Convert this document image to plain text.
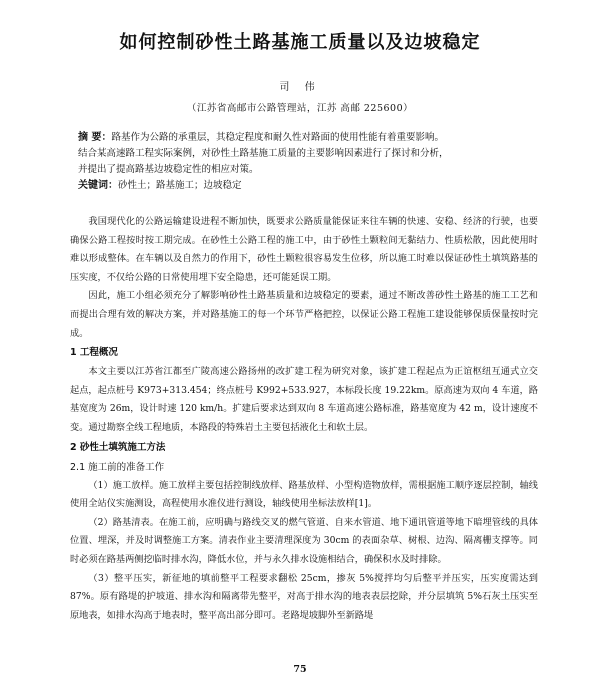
如何控制砂性土路基施工质量以及边坡稳定
司 伟
（江苏省高邮市公路管理站，江苏 高邮 225600）

摘 要：路基作为公路的承重层，其稳定程度和耐久性对路面的使用性能有着重要影响。

结合某高速路工程实际案例，对砂性土路基施工质量的主要影响因素进行了探讨和分析，

并提出了提高路基边坡稳定性的相应对策。

关键词：砂性土；路基施工；边坡稳定

我国现代化的公路运输建设进程不断加快，既要求公路质量能保证来往车辆的快速、安稳、经济的行驶，也要确保公路工程按时按工期完成。在砂性土公路工程的施工中，由于砂性土颗粒间无黏结力、性质松散，因此使用时难以形成整体。在车辆以及自然力的作用下，砂性土颗粒很容易发生位移，所以施工时难以保证砂性土填筑路基的压实度，不仅给公路的日常使用埋下安全隐患，还可能延误工期。

因此，施工小组必须充分了解影响砂性土路基质量和边坡稳定的要素，通过不断改善砂性土路基的施工工艺和而提出合理有效的解决方案，并对路基施工的每一个环节严格把控，以保证公路工程施工建设能够保质保量按时完成。

1 工程概况

本文主要以江苏省江都至广陵高速公路扬州的改扩建工程为研究对象，该扩建工程起点为正谊枢纽互通式立交起点，起点桩号 K973+313.454；终点桩号 K992+533.927，本标段长度 19.22km。原高速为双向 4 车道，路基宽度为 26m，设计时速 120 km/h。扩建后要求达到双向 8 车道高速公路标准，路基宽度为 42 m，设计速度不变。通过勘察全线工程地质，本路段的特殊岩土主要包括液化土和软土层。

2 砂性土填筑施工方法
2.1 施工前的准备工作

（1）施工放样。施工放样主要包括控制线放样、路基放样、小型构造物放样，需根据施工顺序逐层控制，轴线使用全站仪实施测设，高程使用水准仪进行测设，轴线使用坐标法放样[1]。

（2）路基清表。在施工前，应明确与路线交叉的燃气管道、自来水管道、地下通讯管道等地下暗埋管线的具体位置、埋深，并及时调整施工方案。清表作业主要清理深度为 30cm 的表面杂草、树根、边沟、隔离栅支撑等。同时必须在路基两侧挖临时排水沟，降低水位，并与永久排水设施相结合，确保积水及时排除。

（3）整平压实，新征地的填前整平工程要求翻松 25cm，掺灰 5%搅拌均匀后整平并压实，压实度需达到 87%。原有路堤的护坡道、排水沟和隔离带先整平，对高于排水沟的地表表层挖除，并分层填筑 5%石灰土压实至原地表，如排水沟高于地表时，整平高出部分即可。老路堤坡脚外至新路堤

75
